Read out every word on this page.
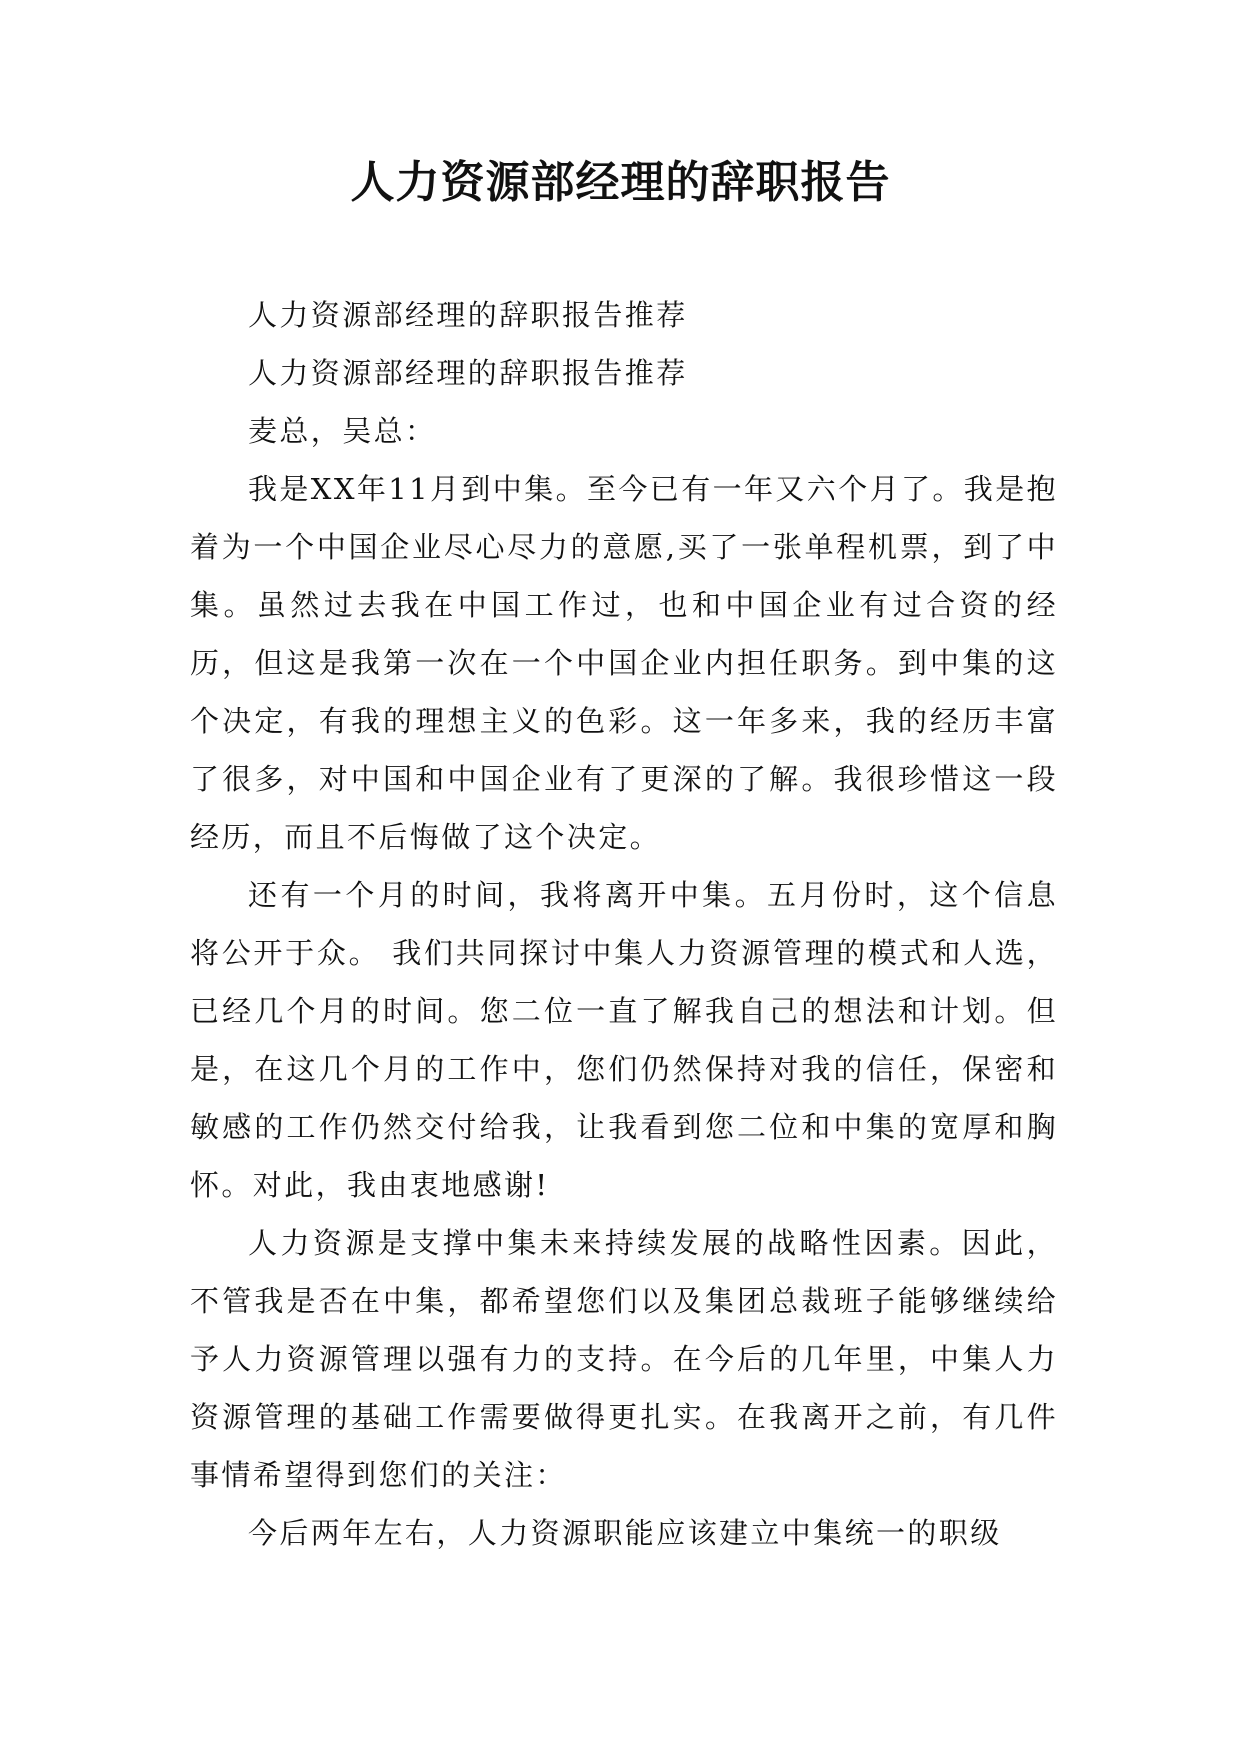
人力资源部经理的辞职报告

人力资源部经理的辞职报告推荐

人力资源部经理的辞职报告推荐

麦总，吴总：

我是XX年11月到中集。至今已有一年又六个月了。我是抱着为一个中国企业尽心尽力的意愿,买了一张单程机票，到了中集。虽然过去我在中国工作过，也和中国企业有过合资的经历，但这是我第一次在一个中国企业内担任职务。到中集的这个决定，有我的理想主义的色彩。这一年多来，我的经历丰富了很多，对中国和中国企业有了更深的了解。我很珍惜这一段经历，而且不后悔做了这个决定。

还有一个月的时间，我将离开中集。五月份时，这个信息将公开于众。 我们共同探讨中集人力资源管理的模式和人选，已经几个月的时间。您二位一直了解我自己的想法和计划。但是，在这几个月的工作中，您们仍然保持对我的信任，保密和敏感的工作仍然交付给我，让我看到您二位和中集的宽厚和胸怀。对此，我由衷地感谢!

人力资源是支撑中集未来持续发展的战略性因素。因此，不管我是否在中集，都希望您们以及集团总裁班子能够继续给予人力资源管理以强有力的支持。在今后的几年里，中集人力资源管理的基础工作需要做得更扎实。在我离开之前，有几件事情希望得到您们的关注：

今后两年左右，人力资源职能应该建立中集统一的职级
